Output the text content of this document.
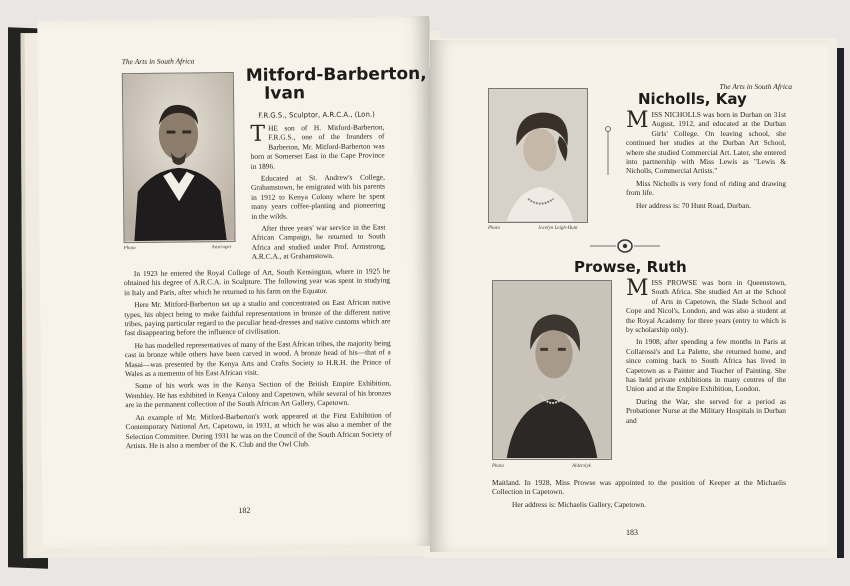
The Arts in South Africa
Photo	Anstruger
Mitford-Barberton,
Ivan
F.R.G.S., Sculptor, A.R.C.A., (Lon.)

THE son of H. Mitford-Barberton, F.R.G.S., one of the founders of Barberton, Mr. Mitford-Barberton was born at Somerset East in the Cape Province in 1896.

Educated at St. Andrew's College, Grahamstown, he emigrated with his parents in 1912 to Kenya Colony where he spent many years coffee-planting and pioneering in the wilds.

After three years' war service in the East African Campaign, he returned to South Africa and studied under Prof. Armstrong, A.R.C.A., at Grahamstown.

In 1923 he entered the Royal College of Art, South Kensington, where in 1925 he obtained his degree of A.R.C.A. in Sculpture. The following year was spent in studying in Italy and Paris, after which he returned to his farm on the Equator.

Here Mr. Mitford-Barberton set up a studio and concentrated on East African native types, his object being to make faithful representations in bronze of the different native tribes, paying particular regard to the peculiar head-dresses and native customs which are fast disappearing before the influence of civilisation.

He has modelled representatives of many of the East African tribes, the majority being cast in bronze while others have been carved in wood. A bronze head of his—that of a Masai—was presented by the Kenya Arts and Crafts Society to H.R.H. the Prince of Wales as a memento of his East African visit.

Some of his work was in the Kenya Section of the British Empire Exhibition, Wembley. He has exhibited in Kenya Colony and Capetown, while several of his bronzes are in the permanent collection of the South African Art Gallery, Capetown.

An example of Mr. Mitford-Barberton's work appeared at the First Exhibition of Contemporary National Art, Capetown, in 1931, at which he was also a member of the Selection Committee. During 1931 he was on the Council of the South African Society of Artists. He is also a member of the K. Club and the Owl Club.

182
The Arts in South Africa
Photo	Jocelyn Leigh-Hunt
Nicholls, Kay

MISS NICHOLLS was born in Durban on 31st August, 1912, and educated at the Durban Girls' College. On leaving school, she continued her studies at the Durban Art School, where she studied Commercial Art. Later, she entered into partnership with Miss Lewis as "Lewis & Nicholls, Commercial Artists."

Miss Nicholls is very fond of riding and drawing from life.

Her address is: 70 Hunt Road, Durban.

Prowse, Ruth
Photo	Alderslyk

MISS PROWSE was born in Queenstown, South Africa. She studied Art at the School of Arts in Capetown, the Slade School and Cope and Nicol's, London, and was also a student at the Royal Academy for three years (entry to which is by scholarship only).

In 1908, after spending a few months in Paris at Collarossi's and La Palette, she returned home, and since coming back to South Africa has lived in Capetown as a Painter and Teacher of Painting. She has held private exhibitions in many centres of the Union and at the Empire Exhibition, London.

During the War, she served for a period as Probationer Nurse at the Military Hospitals in Durban and

Maitland. In 1928, Miss Prowse was appointed to the position of Keeper at the Michaelis Collection in Capetown.

Her address is: Michaelis Gallery, Capetown.

183
